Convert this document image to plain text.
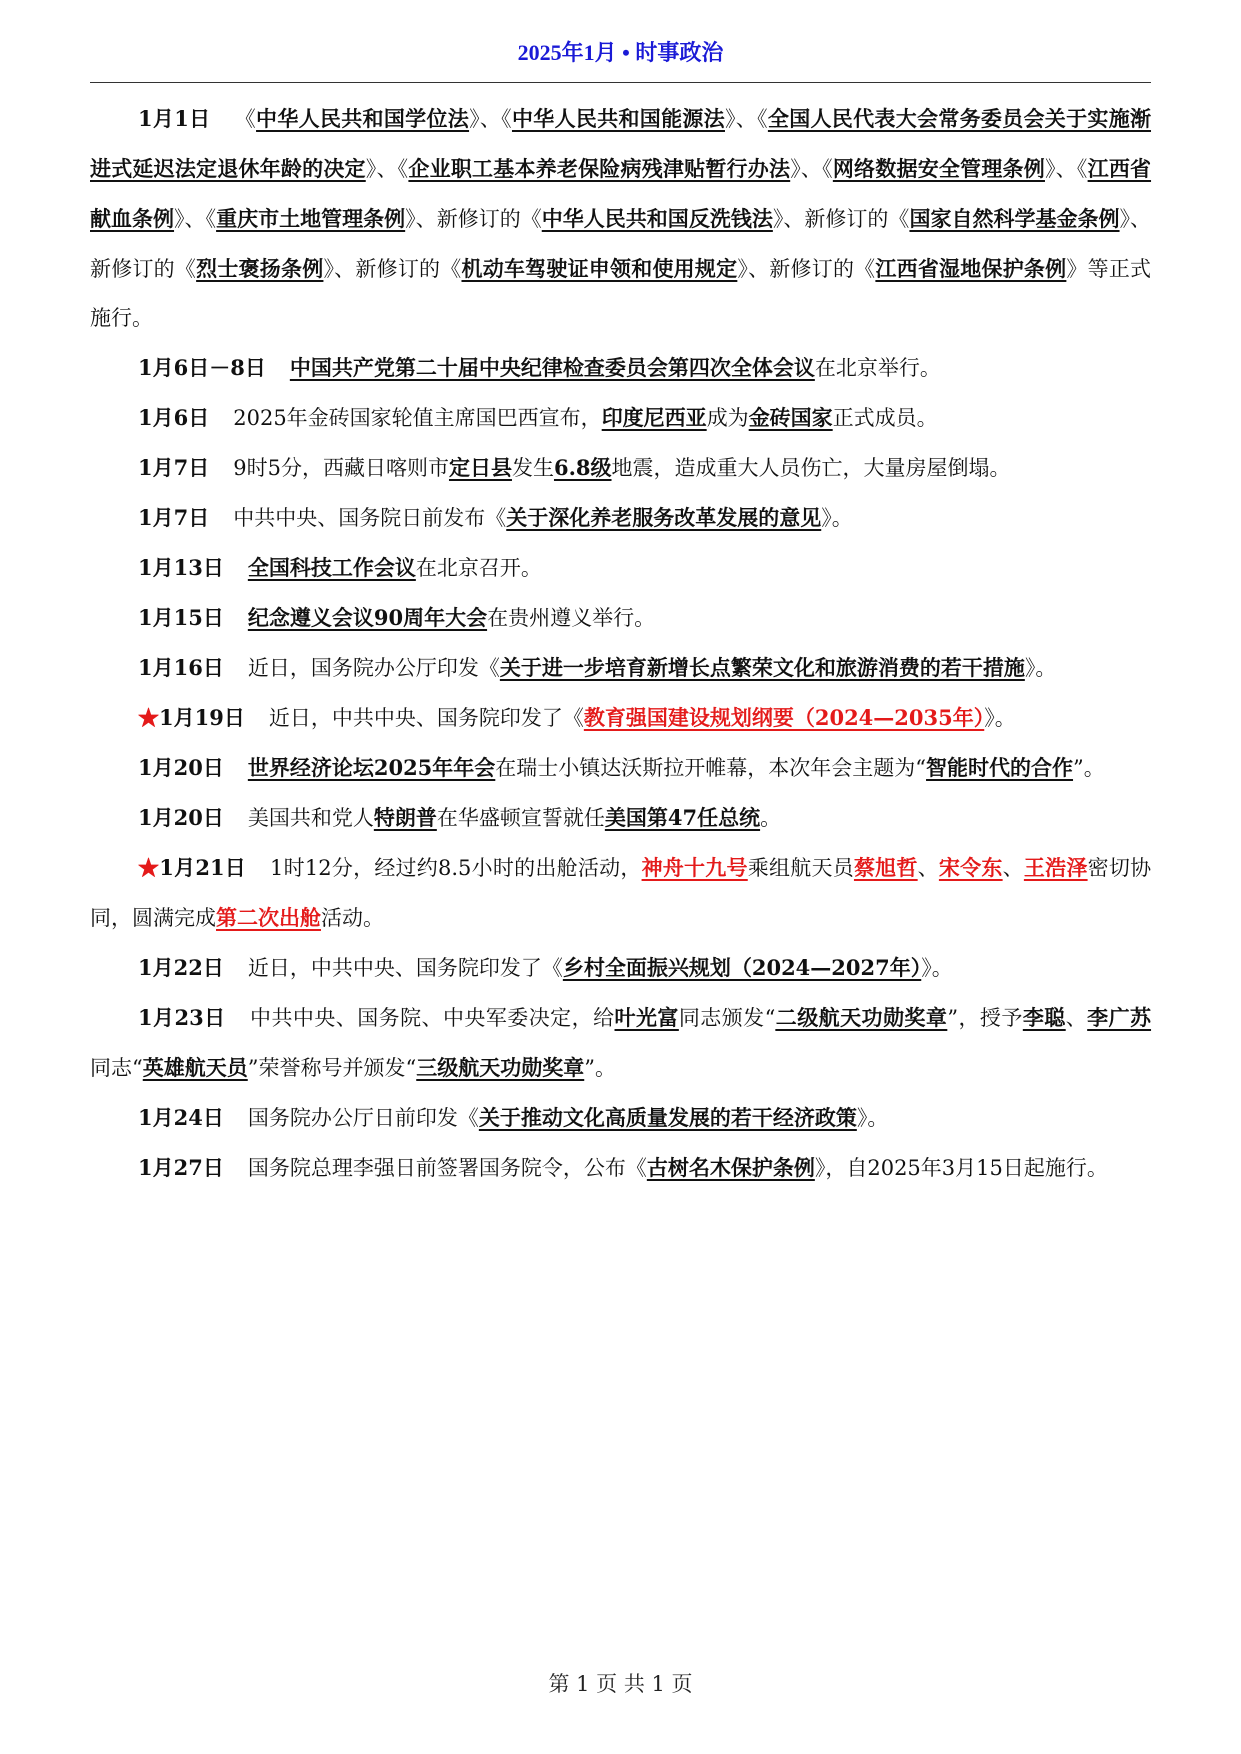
2025年1月 • 时事政治

1月1日 《中华人民共和国学位法》、《中华人民共和国能源法》、《全国人民代表大会常务委员会关于实施渐进式延迟法定退休年龄的决定》、《企业职工基本养老保险病残津贴暂行办法》、《网络数据安全管理条例》、《江西省献血条例》、《重庆市土地管理条例》、新修订的《中华人民共和国反洗钱法》、新修订的《国家自然科学基金条例》、新修订的《烈士褒扬条例》、新修订的《机动车驾驶证申领和使用规定》、新修订的《江西省湿地保护条例》等正式施行。

1月6日－8日 中国共产党第二十届中央纪律检查委员会第四次全体会议在北京举行。

1月6日 2025年金砖国家轮值主席国巴西宣布，印度尼西亚成为金砖国家正式成员。

1月7日 9时5分，西藏日喀则市定日县发生6.8级地震，造成重大人员伤亡，大量房屋倒塌。

1月7日 中共中央、国务院日前发布《关于深化养老服务改革发展的意见》。

1月13日 全国科技工作会议在北京召开。

1月15日 纪念遵义会议90周年大会在贵州遵义举行。

1月16日 近日，国务院办公厅印发《关于进一步培育新增长点繁荣文化和旅游消费的若干措施》。

★1月19日 近日，中共中央、国务院印发了《教育强国建设规划纲要（2024—2035年）》。

1月20日 世界经济论坛2025年年会在瑞士小镇达沃斯拉开帷幕，本次年会主题为“智能时代的合作”。

1月20日 美国共和党人特朗普在华盛顿宣誓就任美国第47任总统。

★1月21日 1时12分，经过约8.5小时的出舱活动，神舟十九号乘组航天员蔡旭哲、宋令东、王浩泽密切协同，圆满完成第二次出舱活动。

1月22日 近日，中共中央、国务院印发了《乡村全面振兴规划（2024—2027年）》。

1月23日 中共中央、国务院、中央军委决定，给叶光富同志颁发“二级航天功勋奖章”，授予李聪、李广苏同志“英雄航天员”荣誉称号并颁发“三级航天功勋奖章”。

1月24日 国务院办公厅日前印发《关于推动文化高质量发展的若干经济政策》。

1月27日 国务院总理李强日前签署国务院令，公布《古树名木保护条例》，自2025年3月15日起施行。

第 1 页 共 1 页
